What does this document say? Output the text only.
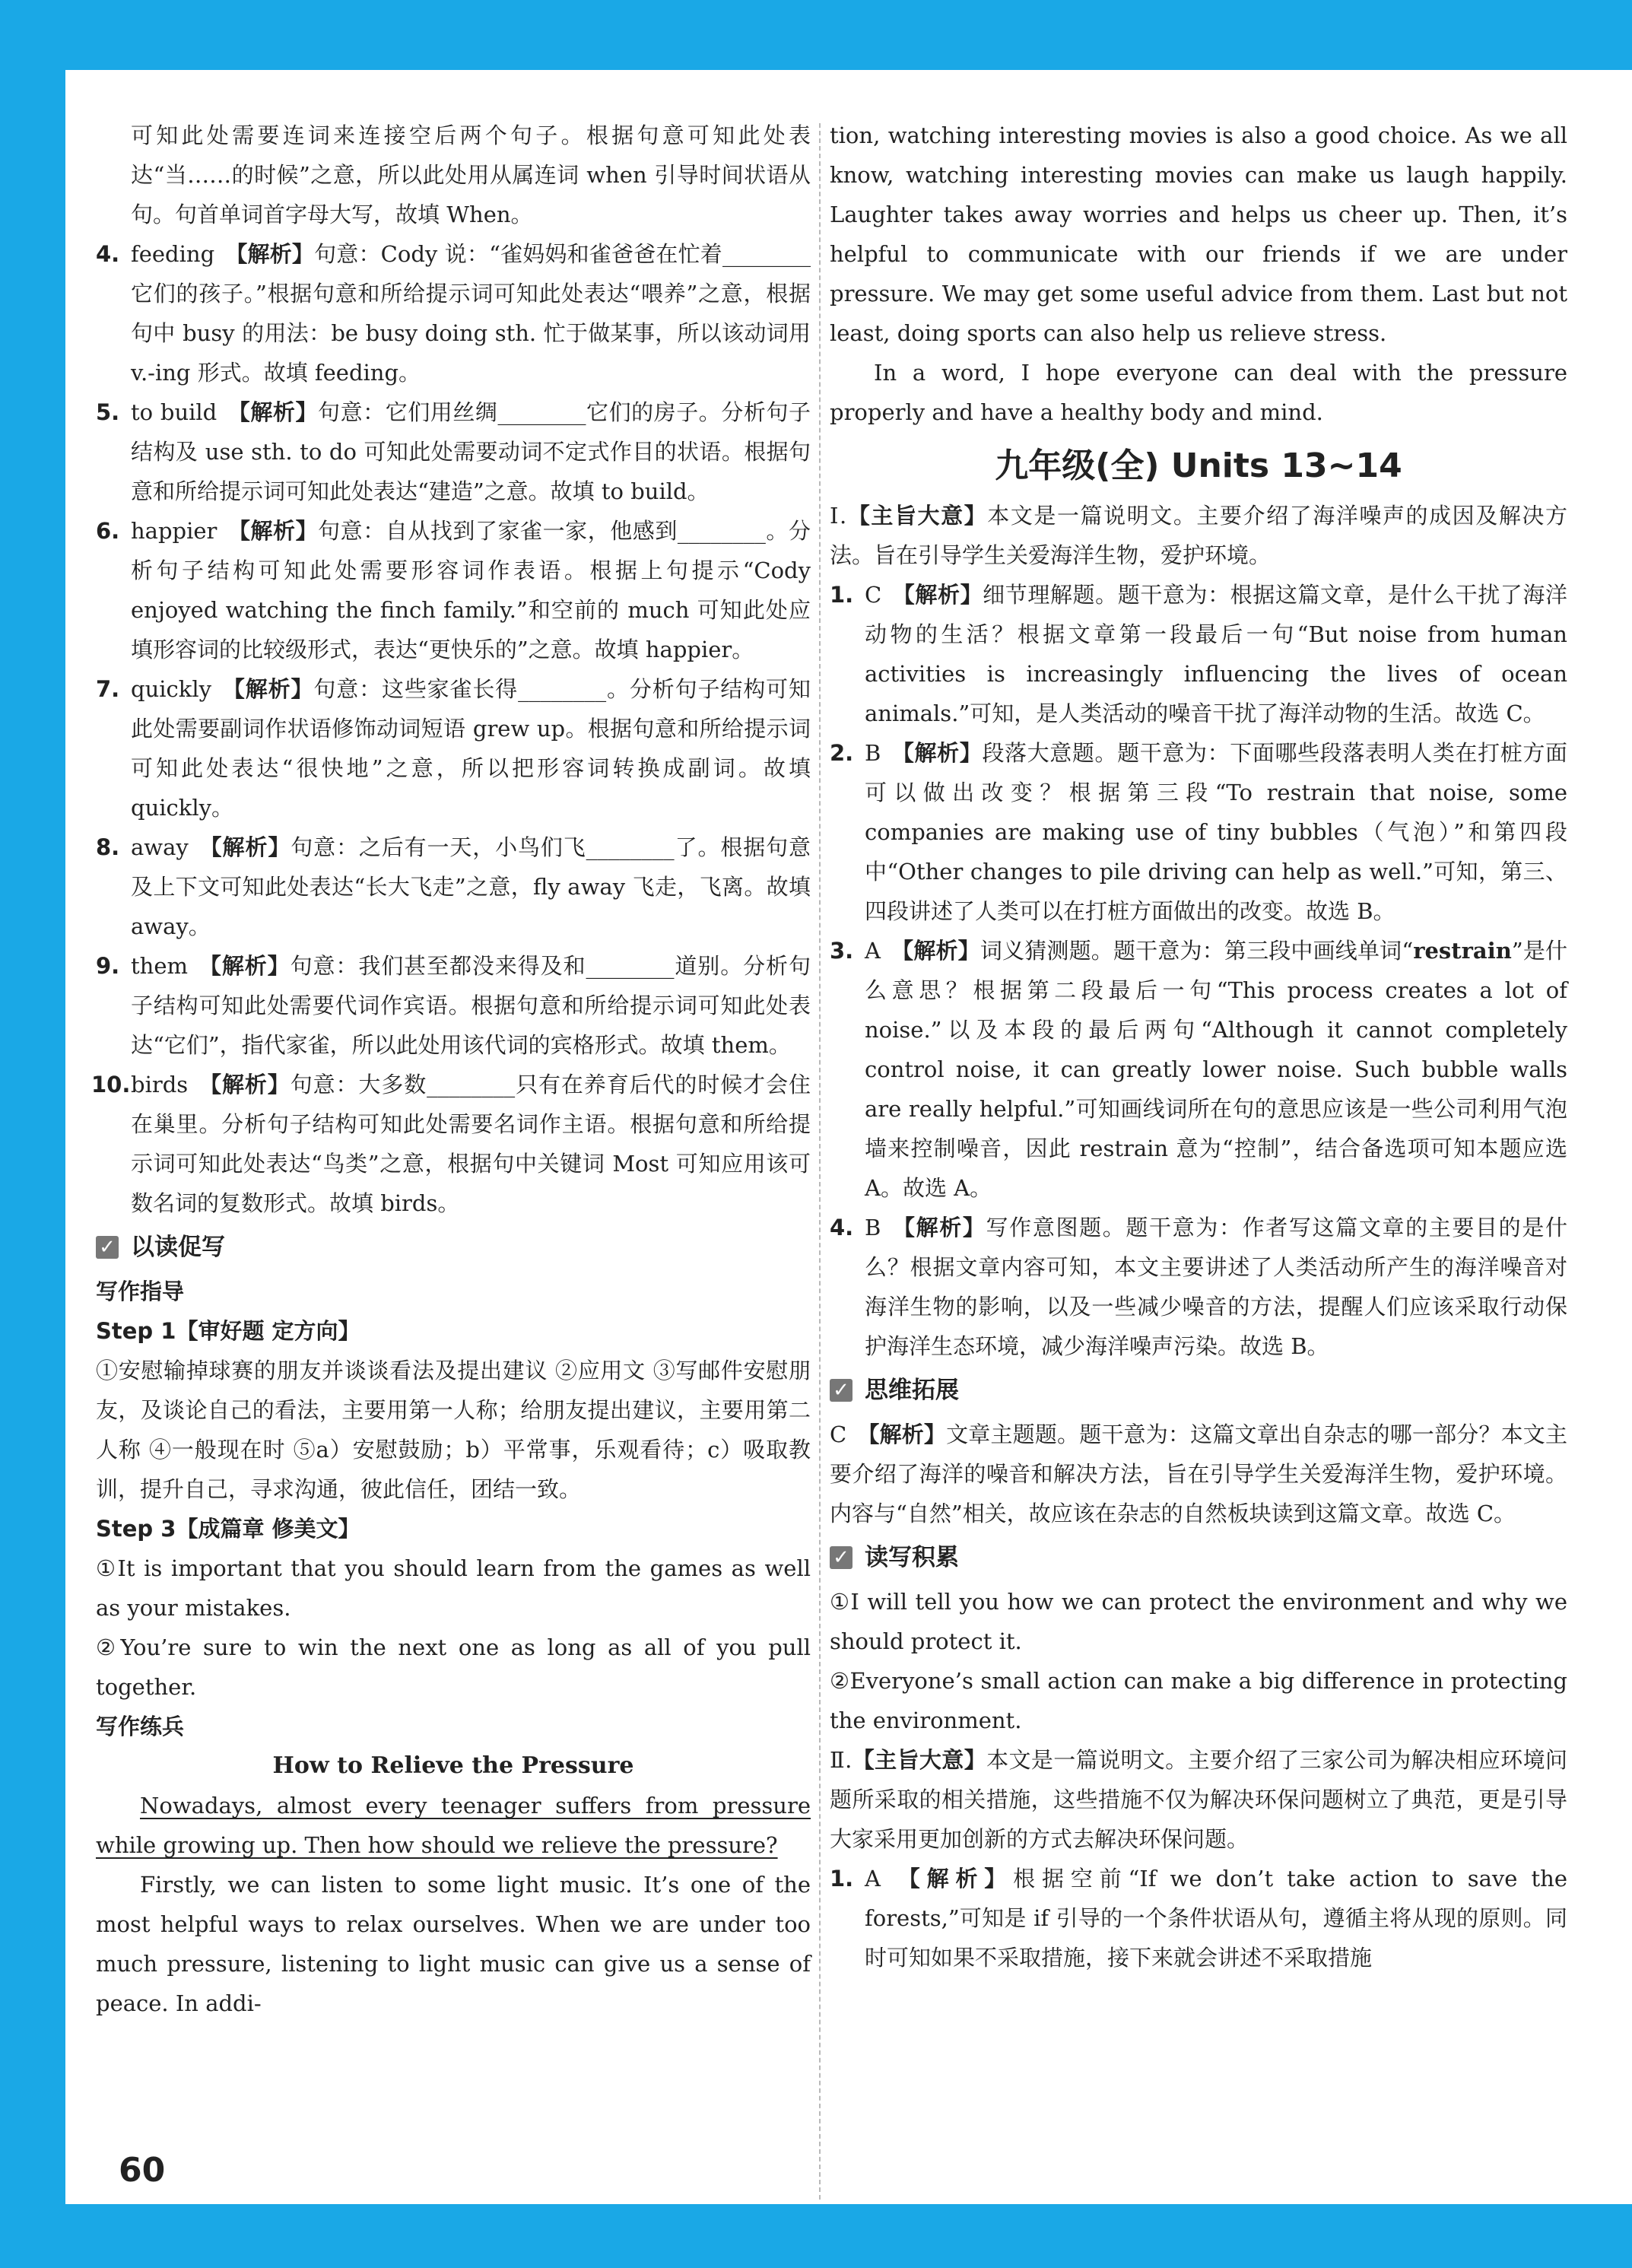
可知此处需要连词来连接空后两个句子。根据句意可知此处表达“当……的时候”之意，所以此处用从属连词 when 引导时间状语从句。句首单词首字母大写，故填 When。

4. feeding 【解析】句意：Cody 说：“雀妈妈和雀爸爸在忙着________它们的孩子。”根据句意和所给提示词可知此处表达“喂养”之意，根据句中 busy 的用法：be busy doing sth. 忙于做某事，所以该动词用 v.-ing 形式。故填 feeding。

5. to build 【解析】句意：它们用丝绸________它们的房子。分析句子结构及 use sth. to do 可知此处需要动词不定式作目的状语。根据句意和所给提示词可知此处表达“建造”之意。故填 to build。

6. happier 【解析】句意：自从找到了家雀一家，他感到________。分析句子结构可知此处需要形容词作表语。根据上句提示“Cody enjoyed watching the finch family.”和空前的 much 可知此处应填形容词的比较级形式，表达“更快乐的”之意。故填 happier。

7. quickly 【解析】句意：这些家雀长得________。分析句子结构可知此处需要副词作状语修饰动词短语 grew up。根据句意和所给提示词可知此处表达“很快地”之意，所以把形容词转换成副词。故填 quickly。

8. away 【解析】句意：之后有一天，小鸟们飞________了。根据句意及上下文可知此处表达“长大飞走”之意，fly away 飞走，飞离。故填 away。

9. them 【解析】句意：我们甚至都没来得及和________道别。分析句子结构可知此处需要代词作宾语。根据句意和所给提示词可知此处表达“它们”，指代家雀，所以此处用该代词的宾格形式。故填 them。

10. birds 【解析】句意：大多数________只有在养育后代的时候才会住在巢里。分析句子结构可知此处需要名词作主语。根据句意和所给提示词可知此处表达“鸟类”之意，根据句中关键词 Most 可知应用该可数名词的复数形式。故填 birds。

✓ 以读促写

写作指导

Step 1【审好题 定方向】

①安慰输掉球赛的朋友并谈谈看法及提出建议 ②应用文 ③写邮件安慰朋友，及谈论自己的看法，主要用第一人称；给朋友提出建议，主要用第二人称 ④一般现在时 ⑤a）安慰鼓励；b）平常事，乐观看待；c）吸取教训，提升自己，寻求沟通，彼此信任，团结一致。

Step 3【成篇章 修美文】

①It is important that you should learn from the games as well as your mistakes.

②You’re sure to win the next one as long as all of you pull together.

写作练兵

How to Relieve the Pressure

Nowadays, almost every teenager suffers from pressure while growing up. Then how should we relieve the pressure?

Firstly, we can listen to some light music. It’s one of the most helpful ways to relax ourselves. When we are under too much pressure, listening to light music can give us a sense of peace. In addi-

tion, watching interesting movies is also a good choice. As we all know, watching interesting movies can make us laugh happily. Laughter takes away worries and helps us cheer up. Then, it’s helpful to communicate with our friends if we are under pressure. We may get some useful advice from them. Last but not least, doing sports can also help us relieve stress.

In a word, I hope everyone can deal with the pressure properly and have a healthy body and mind.

九年级(全) Units 13~14

Ⅰ.【主旨大意】本文是一篇说明文。主要介绍了海洋噪声的成因及解决方法。旨在引导学生关爱海洋生物，爱护环境。

1. C 【解析】细节理解题。题干意为：根据这篇文章，是什么干扰了海洋动物的生活？根据文章第一段最后一句“But noise from human activities is increasingly influencing the lives of ocean animals.”可知，是人类活动的噪音干扰了海洋动物的生活。故选 C。

2. B 【解析】段落大意题。题干意为：下面哪些段落表明人类在打桩方面可以做出改变？根据第三段“To restrain that noise, some companies are making use of tiny bubbles（气泡）”和第四段中“Other changes to pile driving can help as well.”可知，第三、四段讲述了人类可以在打桩方面做出的改变。故选 B。

3. A 【解析】词义猜测题。题干意为：第三段中画线单词“restrain”是什么意思？根据第二段最后一句“This process creates a lot of noise.”以及本段的最后两句“Although it cannot completely control noise, it can greatly lower noise. Such bubble walls are really helpful.”可知画线词所在句的意思应该是一些公司利用气泡墙来控制噪音，因此 restrain 意为“控制”，结合备选项可知本题应选 A。故选 A。

4. B 【解析】写作意图题。题干意为：作者写这篇文章的主要目的是什么？根据文章内容可知，本文主要讲述了人类活动所产生的海洋噪音对海洋生物的影响，以及一些减少噪音的方法，提醒人们应该采取行动保护海洋生态环境，减少海洋噪声污染。故选 B。

✓ 思维拓展

C 【解析】文章主题题。题干意为：这篇文章出自杂志的哪一部分？本文主要介绍了海洋的噪音和解决方法，旨在引导学生关爱海洋生物，爱护环境。内容与“自然”相关，故应该在杂志的自然板块读到这篇文章。故选 C。

✓ 读写积累

①I will tell you how we can protect the environment and why we should protect it.

②Everyone’s small action can make a big difference in protecting the environment.

Ⅱ.【主旨大意】本文是一篇说明文。主要介绍了三家公司为解决相应环境问题所采取的相关措施，这些措施不仅为解决环保问题树立了典范，更是引导大家采用更加创新的方式去解决环保问题。

1. A 【解析】根据空前“If we don’t take action to save the forests,”可知是 if 引导的一个条件状语从句，遵循主将从现的原则。同时可知如果不采取措施，接下来就会讲述不采取措施

60
